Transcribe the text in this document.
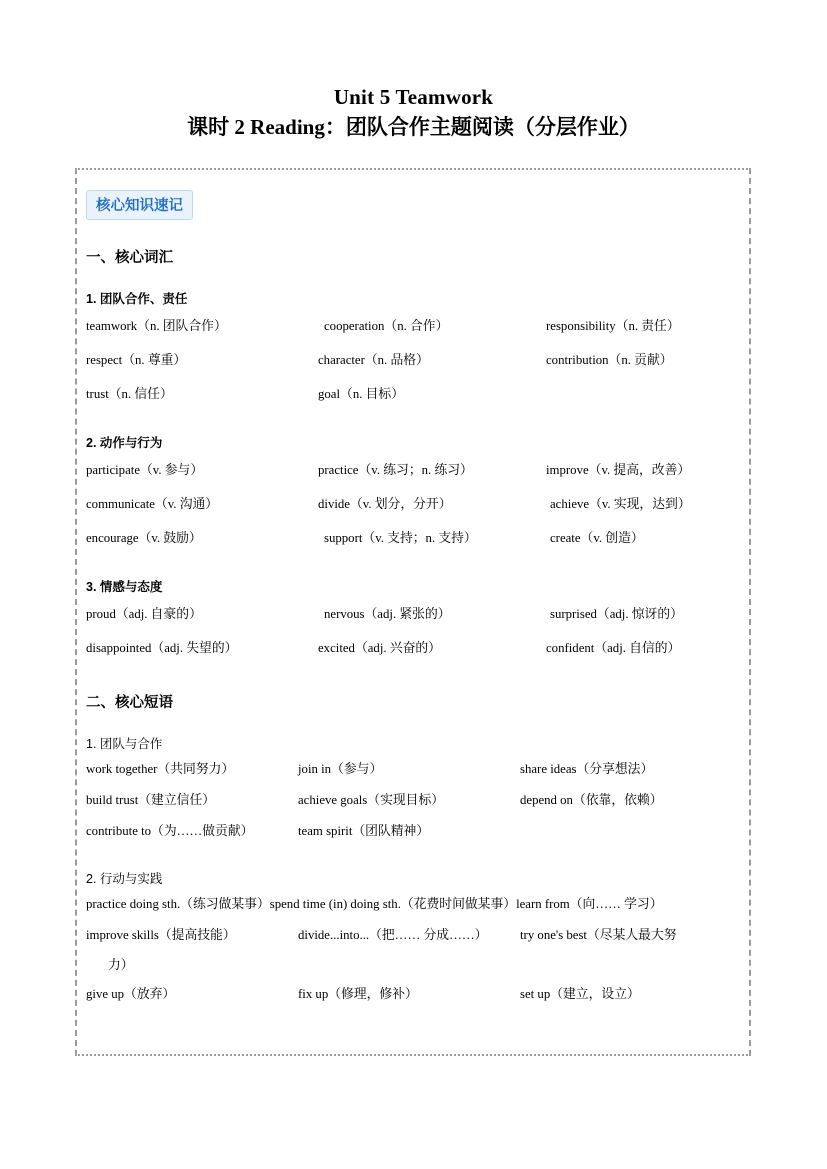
Unit 5 Teamwork
课时 2 Reading：团队合作主题阅读（分层作业）
核心知识速记
一、核心词汇
1. 团队合作、责任
teamwork（n. 团队合作）	cooperation（n. 合作）	responsibility（n. 责任）
respect（n. 尊重）	character（n. 品格）	contribution（n. 贡献）
trust（n. 信任）	goal（n. 目标）
2. 动作与行为
participate（v. 参与）	practice（v. 练习；n. 练习）	improve（v. 提高，改善）
communicate（v. 沟通）	divide（v. 划分，分开）	achieve（v. 实现，达到）
encourage（v. 鼓励）	support（v. 支持；n. 支持）	create（v. 创造）
3. 情感与态度
proud（adj. 自豪的）	nervous（adj. 紧张的）	surprised（adj. 惊讶的）
disappointed（adj. 失望的）	excited（adj. 兴奋的）	confident（adj. 自信的）
二、核心短语
1. 团队与合作
work together（共同努力）	join in（参与）	share ideas（分享想法）
build trust（建立信任）	achieve goals（实现目标）	depend on（依靠，依赖）
contribute to（为……做贡献）	team spirit（团队精神）
2. 行动与实践
practice doing sth.（练习做某事）spend time (in) doing sth.（花费时间做某事）learn from（向…… 学习）
improve skills（提高技能）	divide...into...（把…… 分成……）	try one's best（尽某人最大努
力）
give up（放弃）	fix up（修理，修补）	set up（建立，设立）
